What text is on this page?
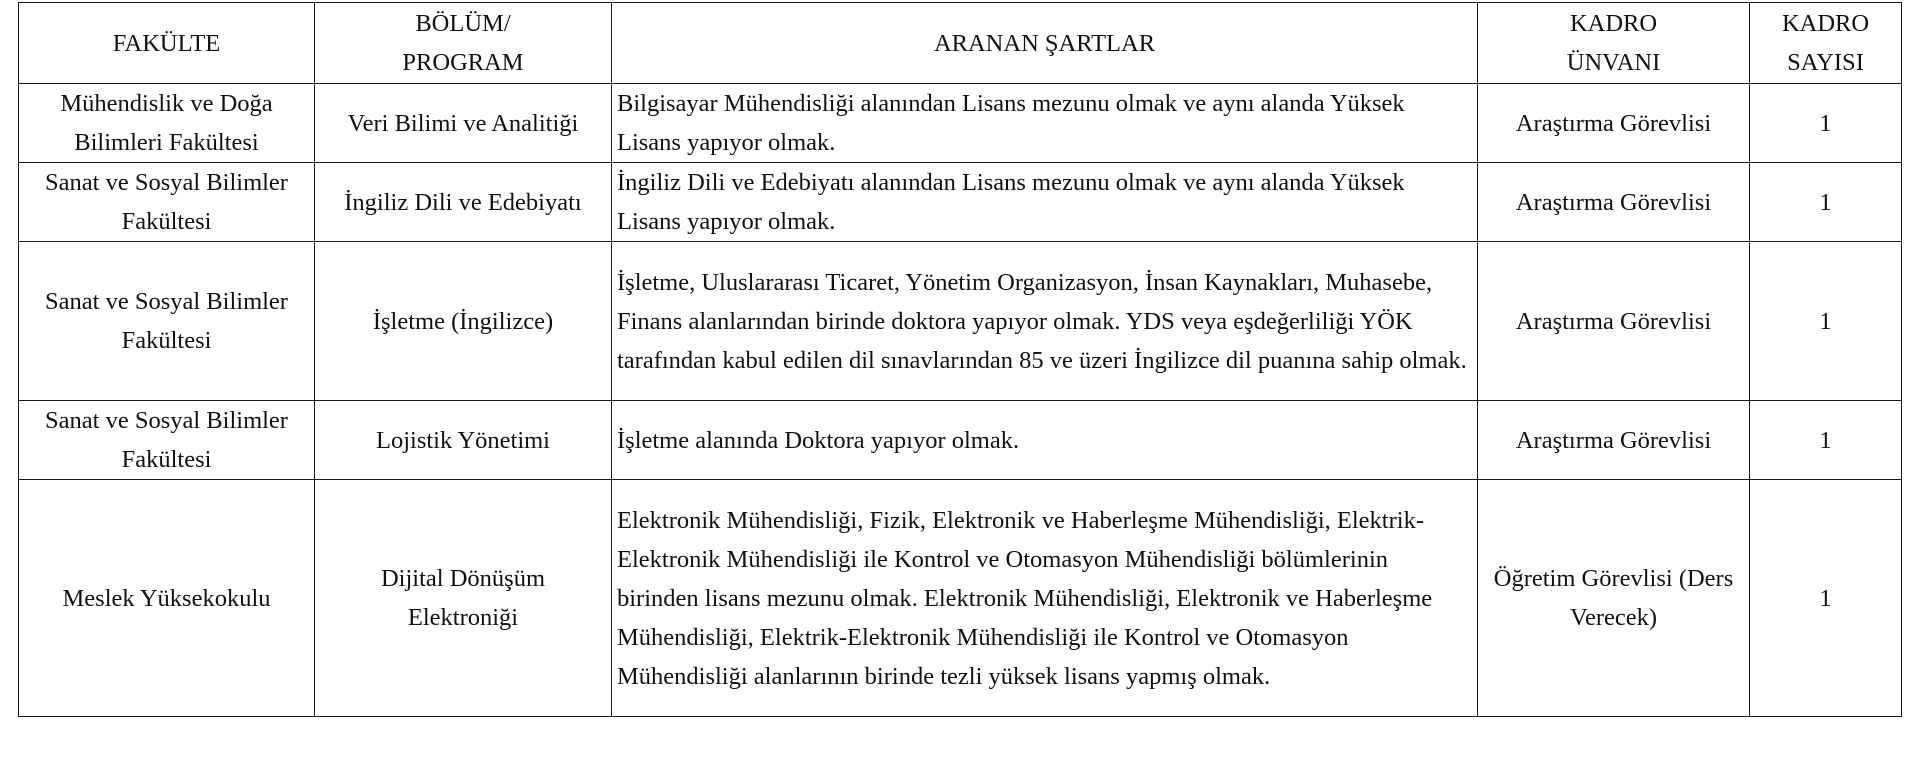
FAKÜLTE	BÖLÜM/ PROGRAM	ARANAN ŞARTLAR	KADRO ÜNVANI	KADRO SAYISI
Mühendislik ve Doğa Bilimleri Fakültesi	Veri Bilimi ve Analitiği	Bilgisayar Mühendisliği alanından Lisans mezunu olmak ve aynı alanda Yüksek Lisans yapıyor olmak.	Araştırma Görevlisi	1
Sanat ve Sosyal Bilimler Fakültesi	İngiliz Dili ve Edebiyatı	İngiliz Dili ve Edebiyatı alanından Lisans mezunu olmak ve aynı alanda Yüksek Lisans yapıyor olmak.	Araştırma Görevlisi	1
Sanat ve Sosyal Bilimler Fakültesi	İşletme (İngilizce)	İşletme, Uluslararası Ticaret, Yönetim Organizasyon, İnsan Kaynakları, Muhasebe, Finans alanlarından birinde doktora yapıyor olmak. YDS veya eşdeğerliliği YÖK tarafından kabul edilen dil sınavlarından 85 ve üzeri İngilizce dil puanına sahip olmak.	Araştırma Görevlisi	1
Sanat ve Sosyal Bilimler Fakültesi	Lojistik Yönetimi	İşletme alanında Doktora yapıyor olmak.	Araştırma Görevlisi	1
Meslek Yüksekokulu	Dijital Dönüşüm Elektroniği	Elektronik Mühendisliği, Fizik, Elektronik ve Haberleşme Mühendisliği, Elektrik-Elektronik Mühendisliği ile Kontrol ve Otomasyon Mühendisliği bölümlerinin birinden lisans mezunu olmak. Elektronik Mühendisliği, Elektronik ve Haberleşme Mühendisliği, Elektrik-Elektronik Mühendisliği ile Kontrol ve Otomasyon Mühendisliği alanlarının birinde tezli yüksek lisans yapmış olmak.	Öğretim Görevlisi (Ders Verecek)	1
